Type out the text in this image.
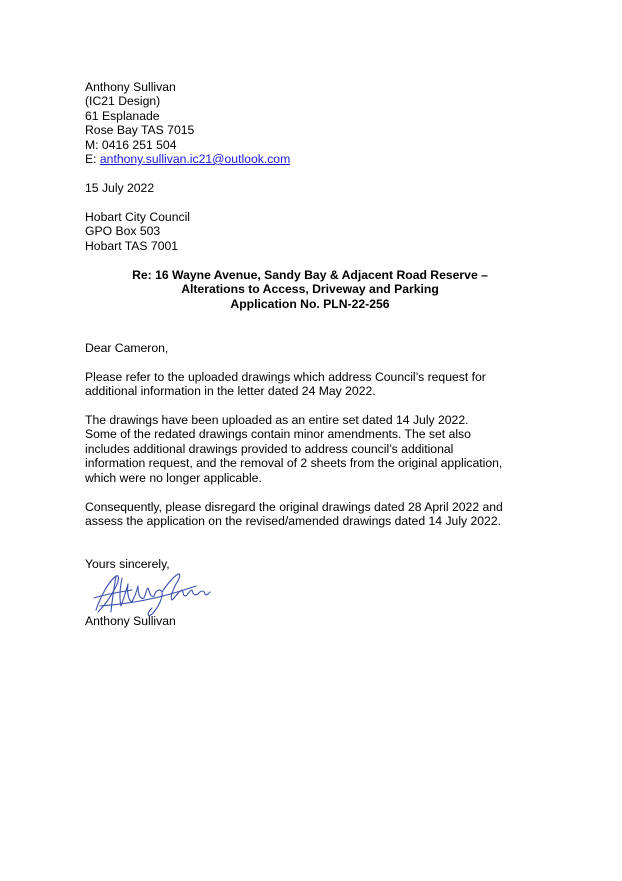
Anthony Sullivan
(IC21 Design)
61 Esplanade
Rose Bay TAS 7015
M: 0416 251 504
E: anthony.sullivan.ic21@outlook.com
15 July 2022
Hobart City Council
GPO Box 503
Hobart TAS 7001
Re: 16 Wayne Avenue, Sandy Bay & Adjacent Road Reserve –
Alterations to Access, Driveway and Parking
Application No. PLN-22-256
Dear Cameron,
Please refer to the uploaded drawings which address Council’s request for
additional information in the letter dated 24 May 2022.
The drawings have been uploaded as an entire set dated 14 July 2022.
Some of the redated drawings contain minor amendments. The set also
includes additional drawings provided to address council’s additional
information request, and the removal of 2 sheets from the original application,
which were no longer applicable.
Consequently, please disregard the original drawings dated 28 April 2022 and
assess the application on the revised/amended drawings dated 14 July 2022.
Yours sincerely,
Anthony Sullivan
